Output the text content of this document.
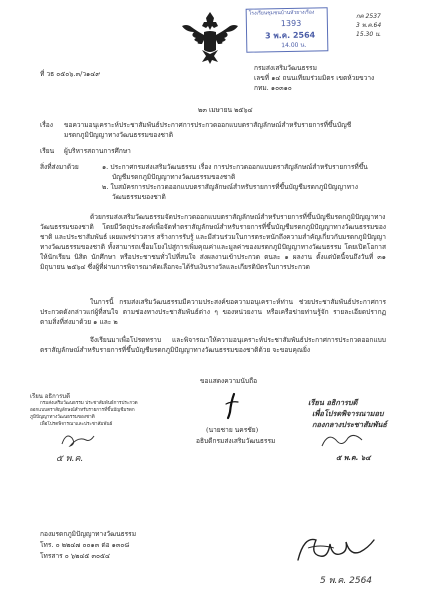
โรงเรียนชุมชนบ้านหัวยางเรือง
1393
3 พ.ค. 2564
14.00 น.
กค 2537
3 พ.ค.64
15.30 น.
ที่ วธ ๐๕๐๖.๓/ว๑๔๙
กรมส่งเสริมวัฒนธรรม
เลขที่ ๑๔ ถนนเทียมร่วมมิตร เขตห้วยขวาง
กทม. ๑๐๓๑๐
๒๓ เมษายน ๒๕๖๔
เรื่อง ขอความอนุเคราะห์ประชาสัมพันธ์ประกาศการประกวดออกแบบตราสัญลักษณ์สำหรับรายการที่ขึ้นบัญชี
มรดกภูมิปัญญาทางวัฒนธรรมของชาติ
เรียน ผู้บริหารสถานการศึกษา
สิ่งที่ส่งมาด้วย	๑. ประกาศกรมส่งเสริมวัฒนธรรม เรื่อง การประกวดออกแบบตราสัญลักษณ์สำหรับรายการที่ขึ้น
บัญชีมรดกภูมิปัญญาทางวัฒนธรรมของชาติ
๒. ใบสมัครการประกวดออกแบบตราสัญลักษณ์สำหรับรายการที่ขึ้นบัญชีมรดกภูมิปัญญาทาง
วัฒนธรรมของชาติ
ด้วยกรมส่งเสริมวัฒนธรรมจัดประกวดออกแบบตราสัญลักษณ์สำหรับรายการที่ขึ้นบัญชีมรดกภูมิปัญญาทางวัฒนธรรมของชาติ โดยมีวัตถุประสงค์เพื่อจัดทำตราสัญลักษณ์สำหรับรายการที่ขึ้นบัญชีมรดกภูมิปัญญาทางวัฒนธรรมของชาติ และประชาสัมพันธ์ เผยแพร่ข่าวสาร สร้างการรับรู้ และมีส่วนร่วมในการตระหนักถึงความสำคัญเกี่ยวกับมรดกภูมิปัญญาทางวัฒนธรรมของชาติ ทั้งสามารถเชื่อมโยงไปสู่การเพิ่มคุณค่าและมูลค่าของมรดกภูมิปัญญาทางวัฒนธรรม โดยเปิดโอกาสให้นักเรียน นิสิต นักศึกษา หรือประชาชนทั่วไปที่สนใจ ส่งผลงานเข้าประกวด ตนละ ๑ ผลงาน ตั้งแต่บัดนี้จนถึงวันที่ ๓๑ มิถุนายน ๒๕๖๔ ซึ่งผู้ที่ผ่านการพิจารณาคัดเลือกจะได้รับเงินรางวัลและเกียรติบัตรในการประกวด
ในการนี้ กรมส่งเสริมวัฒนธรรมมีความประสงค์ขอความอนุเคราะห์ท่าน ช่วยประชาสัมพันธ์ประกาศการประกวดดังกล่าวแก่ผู้ที่สนใจ ตามช่องทางประชาสัมพันธ์ต่าง ๆ ของหน่วยงาน หรือเครือข่ายท่านรู้จัก รายละเอียดปรากฏตามสิ่งที่ส่งมาด้วย ๑ และ ๒
จึงเรียนมาเพื่อโปรดทราบ และพิจารณาให้ความอนุเคราะห์ประชาสัมพันธ์ประกาศการประกวดออกแบบตราสัญลักษณ์สำหรับรายการที่ขึ้นบัญชีมรดกภูมิปัญญาทางวัฒนธรรมของชาติด้วย จะขอบคุณยิ่ง
ขอแสดงความนับถือ
(นายชาย นครชัย)
อธิบดีกรมส่งเสริมวัฒนธรรม
เรียน อธิการบดี
กรมส่งเสริมวัฒนธรรม ประชาสัมพันธ์การประกวด
ออกแบบตราสัญลักษณ์สำหรับรายการที่ขึ้นบัญชีมรดก
ภูมิปัญญาทางวัฒนธรรมของชาติ
เพื่อโปรดพิจารณาและประชาสัมพันธ์
๕ พ.ค.
เรียน อธิการบดี
เพื่อโปรดพิจารณามอบ
กองกลางประชาสัมพันธ์
๕ พ.ค. ๖๔
กองมรดกภูมิปัญญาทางวัฒนธรรม
โทร. ๐ ๒๒๔๗ ๐๐๑๓ ต่อ ๑๓๐๘
โทรสาร ๐ ๖๒๔๕ ๓๐๕๔
5 พ.ค. 2564
